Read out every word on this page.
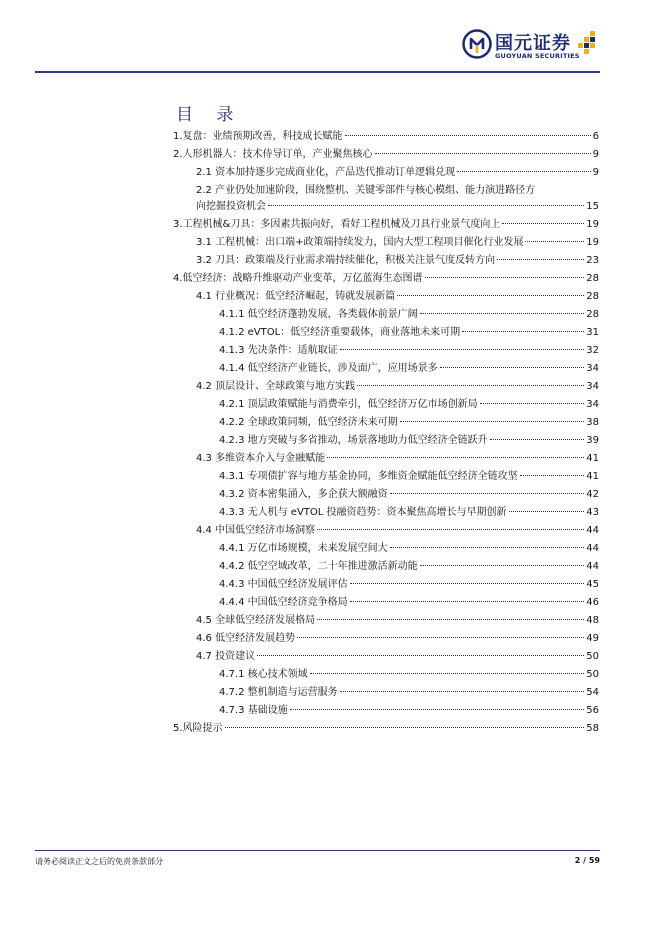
国元证券
GUOYUAN SECURITIES
目 录
1.复盘：业绩预期改善，科技成长赋能	6
2.人形机器人：技术侍导订单，产业聚焦核心	9
2.1 资本加持逐步完成商业化，产品迭代推动订单逻辑兑现	9
2.2 产业仍处加速阶段，围绕整机、关键零部件与核心模组、能力演进路径方
向挖掘投资机会	15
3.工程机械&刀具：多因素共振向好，看好工程机械及刀具行业景气度向上	19
3.1 工程机械：出口端+政策端持续发力，国内大型工程项目催化行业发展	19
3.2 刀具：政策端及行业需求端持续催化，积极关注景气度反转方向	23
4.低空经济：战略升维驱动产业变革，万亿蓝海生态图谱	28
4.1 行业概况：低空经济崛起，铸就发展新篇	28
4.1.1 低空经济蓬勃发展，各类载体前景广阔	28
4.1.2 eVTOL：低空经济重要载体，商业落地未来可期	31
4.1.3 先决条件：适航取证	32
4.1.4 低空经济产业链长，涉及面广，应用场景多	34
4.2 顶层设计、全球政策与地方实践	34
4.2.1 顶层政策赋能与消费牵引，低空经济万亿市场创新局	34
4.2.2 全球政策同频，低空经济未来可期	38
4.2.3 地方突破与多省推动，场景落地助力低空经济全链跃升	39
4.3 多维资本介入与金融赋能	41
4.3.1 专项债扩容与地方基金协同，多维资金赋能低空经济全链攻坚	41
4.3.2 资本密集涌入，多企获大额融资	42
4.3.3 无人机与 eVTOL 投融资趋势：资本聚焦高增长与早期创新	43
4.4 中国低空经济市场洞察	44
4.4.1 万亿市场规模，未来发展空间大	44
4.4.2 低空空域改革，二十年推进激活新动能	44
4.4.3 中国低空经济发展评估	45
4.4.4 中国低空经济竞争格局	46
4.5 全球低空经济发展格局	48
4.6 低空经济发展趋势	49
4.7 投资建议	50
4.7.1 核心技术领域	50
4.7.2 整机制造与运营服务	54
4.7.3 基础设施	56
5.风险提示	58
请务必阅读正文之后的免责条款部分	2 / 59
